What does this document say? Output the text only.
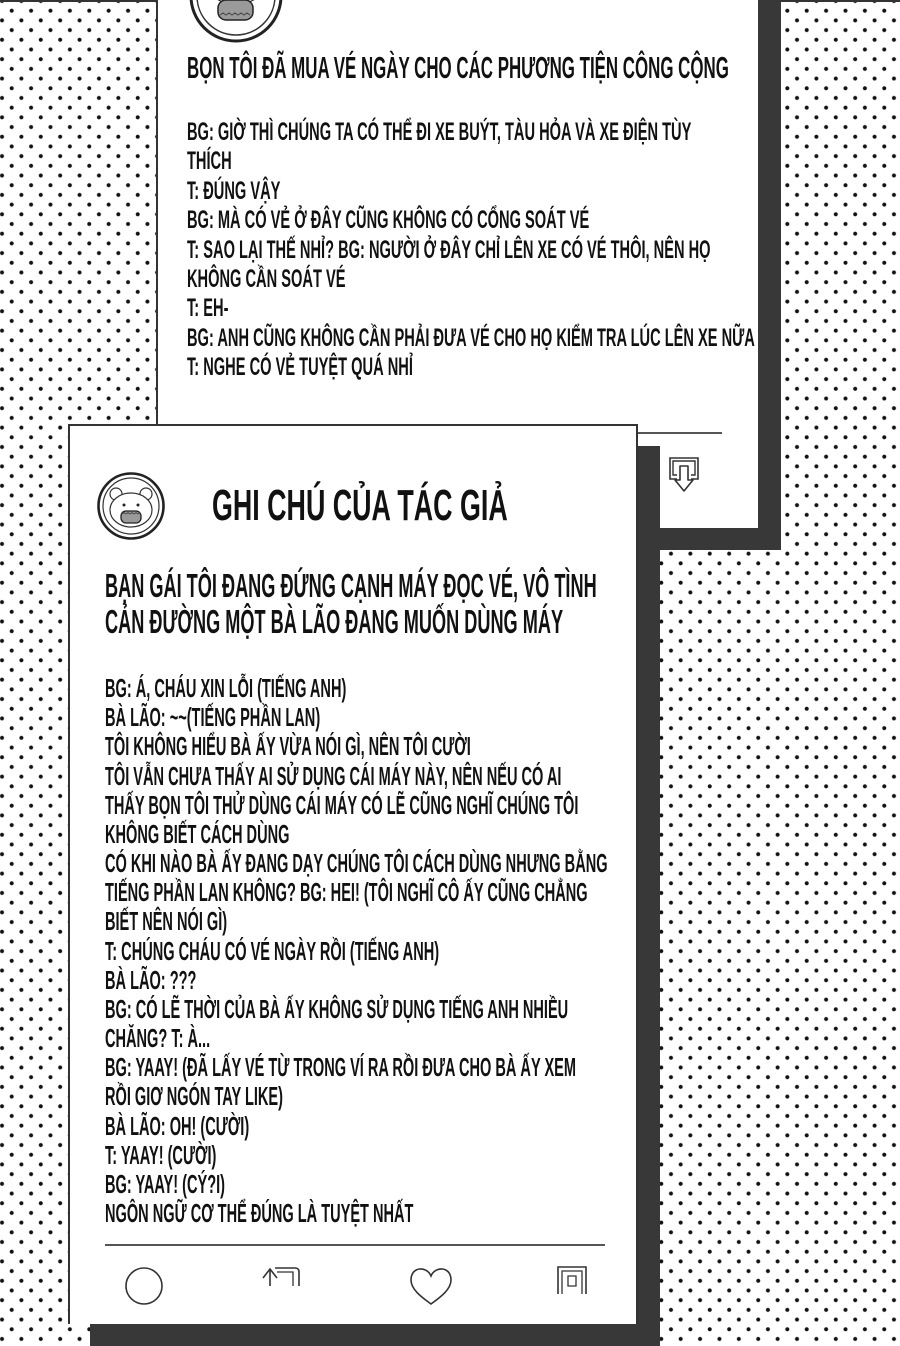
BỌN TÔI ĐÃ MUA VÉ NGÀY CHO CÁC PHƯƠNG TIỆN CÔNG CỘNG
BG: GIỜ THÌ CHÚNG TA CÓ THỂ ĐI XE BUÝT, TÀU HỎA VÀ XE ĐIỆN TÙY
THÍCH
T: ĐÚNG VẬY
BG: MÀ CÓ VẺ Ở ĐÂY CŨNG KHÔNG CÓ CỔNG SOÁT VÉ
T: SAO LẠI THẾ NHỈ? BG: NGƯỜI Ở ĐÂY CHỈ LÊN XE CÓ VÉ THÔI, NÊN HỌ
KHÔNG CẦN SOÁT VÉ
T: EH-
BG: ANH CŨNG KHÔNG CẦN PHẢI ĐƯA VÉ CHO HỌ KIỂM TRA LÚC LÊN XE NỮA
T: NGHE CÓ VẺ TUYỆT QUÁ NHỈ
GHI CHÚ CỦA TÁC GIẢ
BẠN GÁI TÔI ĐANG ĐỨNG CẠNH MÁY ĐỌC VÉ, VÔ TÌNH
CẢN ĐƯỜNG MỘT BÀ LÃO ĐANG MUỐN DÙNG MÁY
BG: Á, CHÁU XIN LỖI (TIẾNG ANH)
BÀ LÃO: ~~(TIẾNG PHẦN LAN)
TÔI KHÔNG HIỂU BÀ ẤY VỪA NÓI GÌ, NÊN TÔI CƯỜI
TÔI VẪN CHƯA THẤY AI SỬ DỤNG CÁI MÁY NÀY, NÊN NẾU CÓ AI
THẤY BỌN TÔI THỬ DÙNG CÁI MÁY CÓ LẼ CŨNG NGHĨ CHÚNG TÔI
KHÔNG BIẾT CÁCH DÙNG
CÓ KHI NÀO BÀ ẤY ĐANG DẠY CHÚNG TÔI CÁCH DÙNG NHƯNG BẰNG
TIẾNG PHẦN LAN KHÔNG? BG: HEI! (TÔI NGHĨ CÔ ẤY CŨNG CHẲNG
BIẾT NÊN NÓI GÌ)
T: CHÚNG CHÁU CÓ VÉ NGÀY RỒI (TIẾNG ANH)
BÀ LÃO: ???
BG: CÓ LẼ THỜI CỦA BÀ ẤY KHÔNG SỬ DỤNG TIẾNG ANH NHIỀU
CHĂNG? T: À...
BG: YAAY! (ĐÃ LẤY VÉ TỪ TRONG VÍ RA RỒI ĐƯA CHO BÀ ẤY XEM
RỒI GIƠ NGÓN TAY LIKE)
BÀ LÃO: OH! (CƯỜI)
T: YAAY! (CƯỜI)
BG: YAAY! (CÝ?I)
NGÔN NGỮ CƠ THỂ ĐÚNG LÀ TUYỆT NHẤT
